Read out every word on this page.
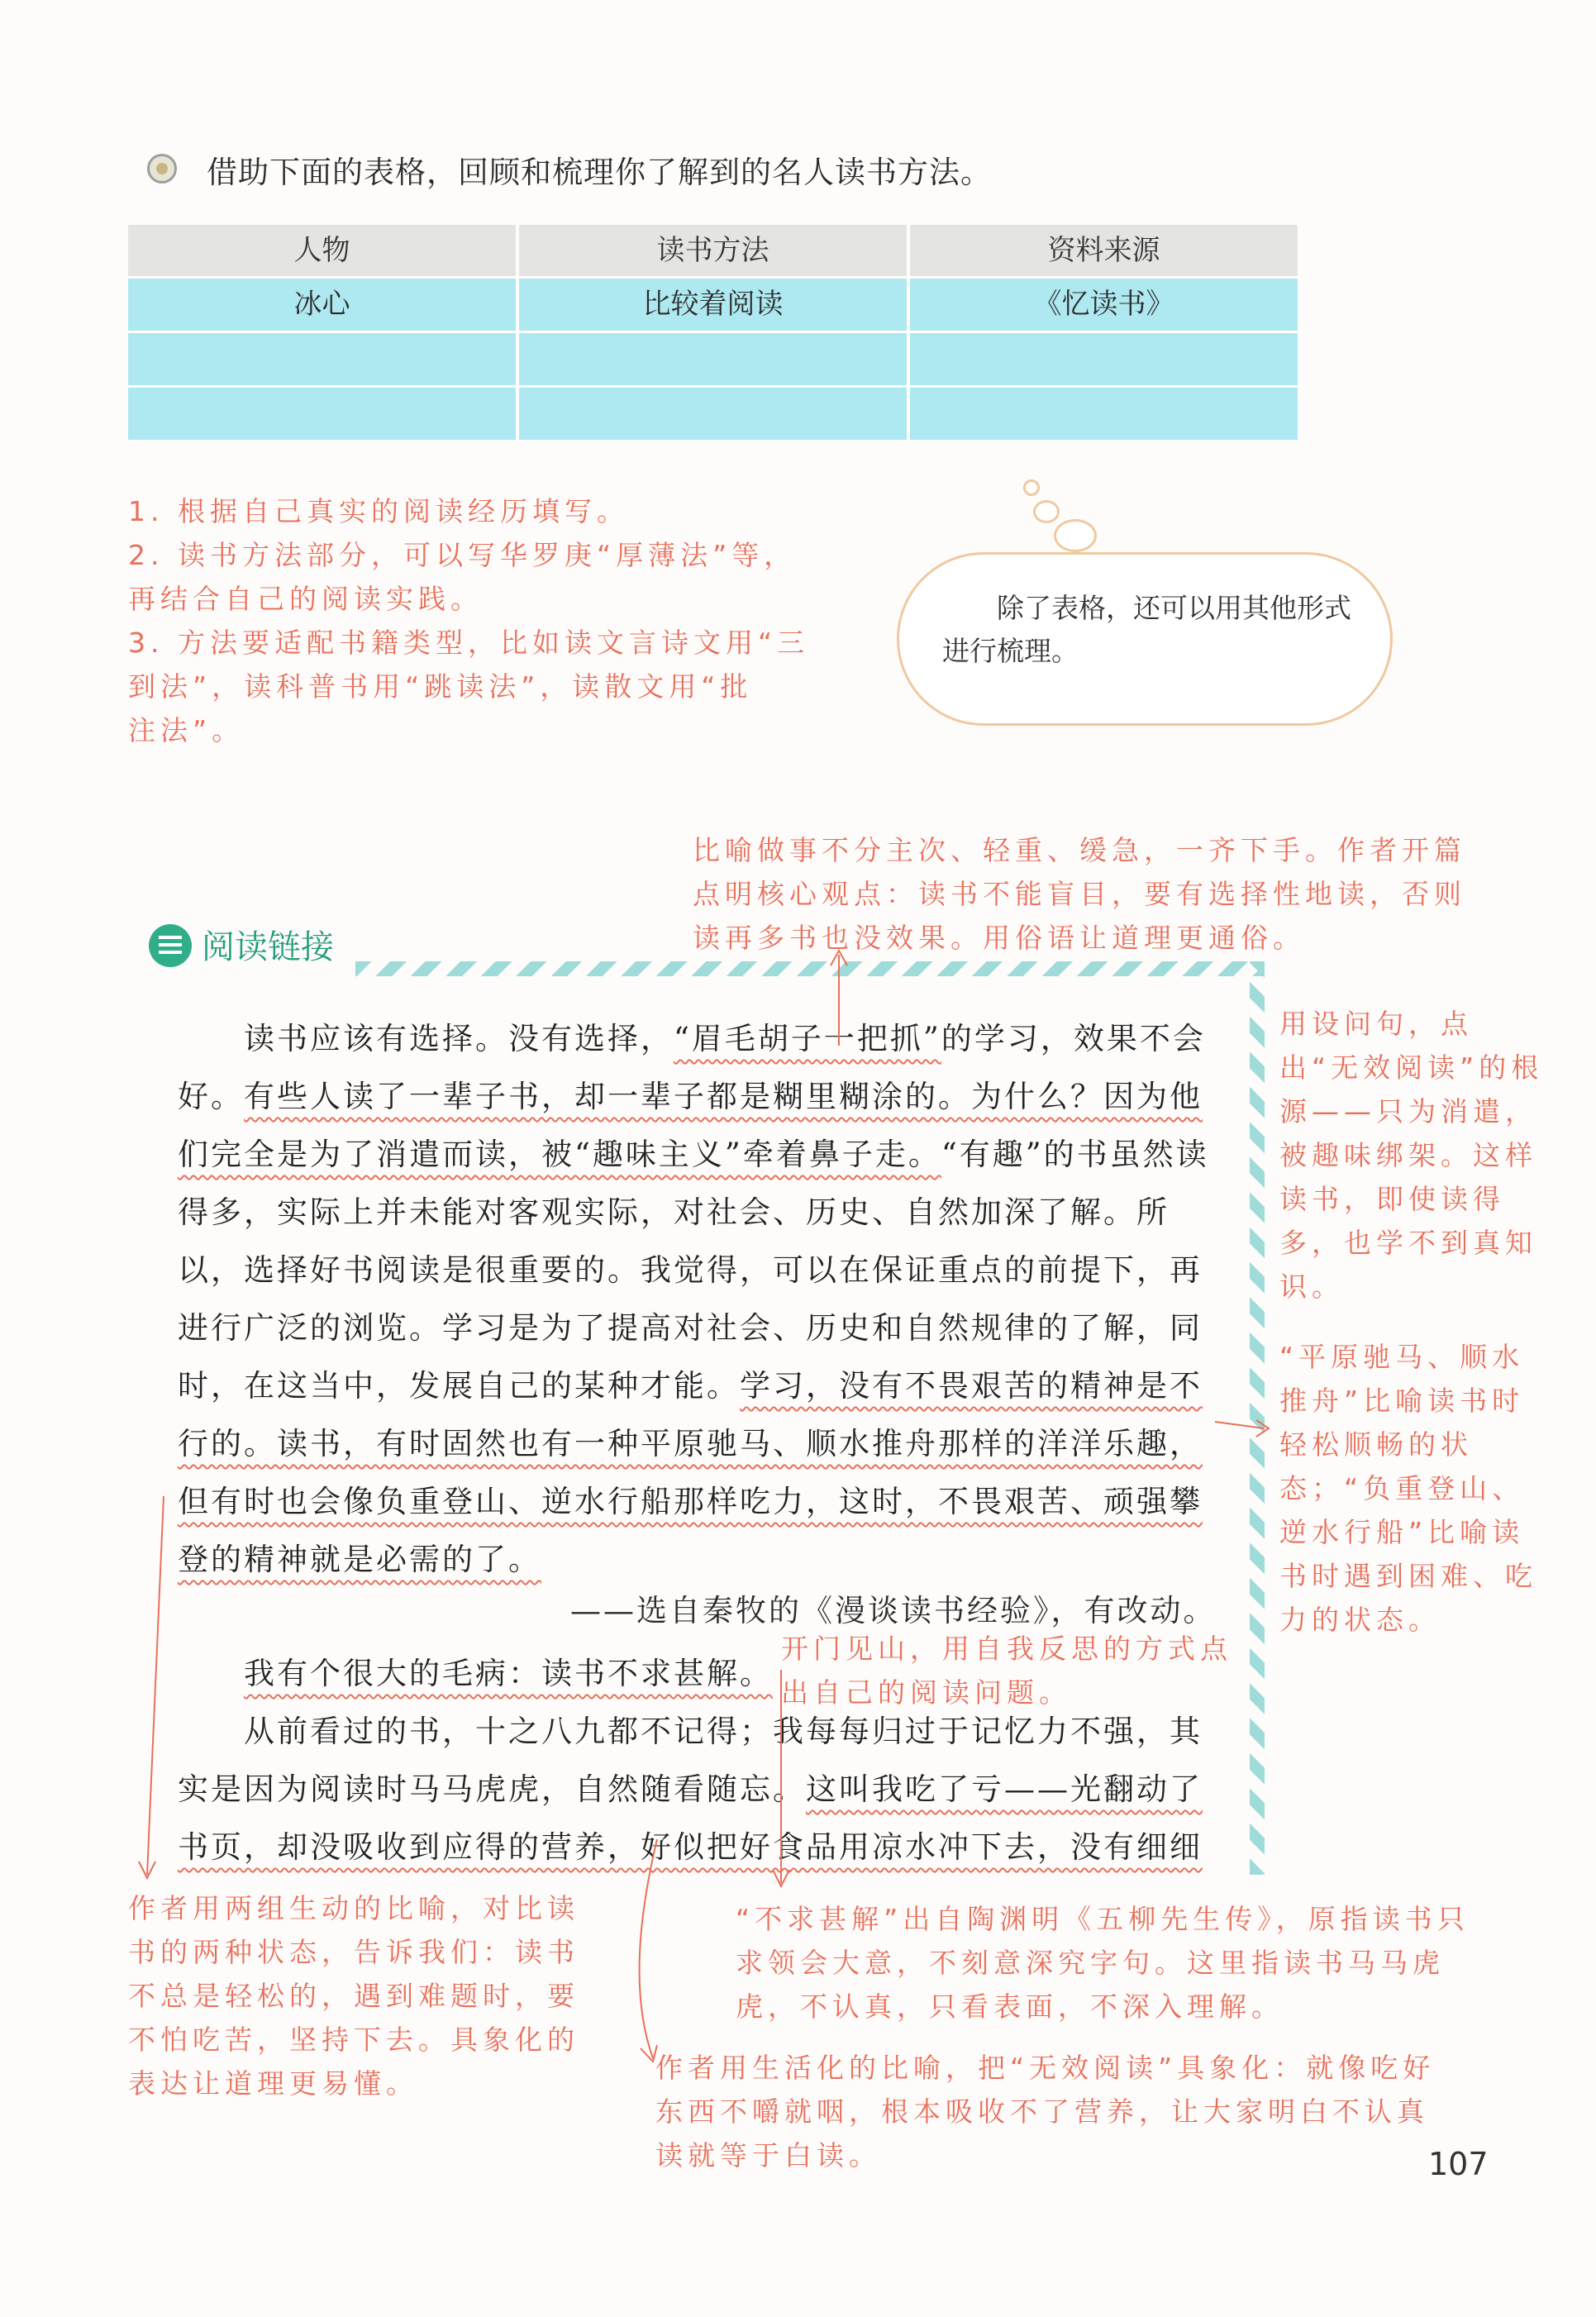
借助下面的表格，回顾和梳理你了解到的名人读书方法。
人物	读书方法	资料来源
冰心	比较着阅读	《忆读书》
1. 根据自己真实的阅读经历填写。
2. 读书方法部分，可以写华罗庚“厚薄法”等，
再结合自己的阅读实践。
3. 方法要适配书籍类型，比如读文言诗文用“三
到法”，读科普书用“跳读法”，读散文用“批
注法”。
除了表格，还可以用其他形式进行梳理。
阅读链接
读书应该有选择。没有选择，“眉毛胡子一把抓”的学习，效果不会好。有些人读了一辈子书，却一辈子都是糊里糊涂的。为什么？因为他们完全是为了消遣而读，被“趣味主义”牵着鼻子走。“有趣”的书虽然读得多，实际上并未能对客观实际，对社会、历史、自然加深了解。所以，选择好书阅读是很重要的。我觉得，可以在保证重点的前提下，再进行广泛的浏览。学习是为了提高对社会、历史和自然规律的了解，同时，在这当中，发展自己的某种才能。学习，没有不畏艰苦的精神是不行的。读书，有时固然也有一种平原驰马、顺水推舟那样的洋洋乐趣，但有时也会像负重登山、逆水行船那样吃力，这时，不畏艰苦、顽强攀登的精神就是必需的了。
——选自秦牧的《漫谈读书经验》，有改动。
我有个很大的毛病：读书不求甚解。
从前看过的书，十之八九都不记得；我每每归过于记忆力不强，其实是因为阅读时马马虎虎，自然随看随忘。这叫我吃了亏——光翻动了书页，却没吸收到应得的营养，好似把好食品用凉水冲下去，没有细细
比喻做事不分主次、轻重、缓急，一齐下手。作者开篇点明核心观点：读书不能盲目，要有选择性地读，否则读再多书也没效果。用俗语让道理更通俗。
用设问句，点出“无效阅读”的根源——只为消遣，被趣味绑架。这样读书，即使读得多，也学不到真知识。
“平原驰马、顺水推舟”比喻读书时轻松顺畅的状态；“负重登山、逆水行船”比喻读书时遇到困难、吃力的状态。
开门见山，用自我反思的方式点出自己的阅读问题。
作者用两组生动的比喻，对比读书的两种状态，告诉我们：读书不总是轻松的，遇到难题时，要不怕吃苦，坚持下去。具象化的表达让道理更易懂。
“不求甚解”出自陶渊明《五柳先生传》，原指读书只求领会大意，不刻意深究字句。这里指读书马马虎虎，不认真，只看表面，不深入理解。
作者用生活化的比喻，把“无效阅读”具象化：就像吃好东西不嚼就咽，根本吸收不了营养，让大家明白不认真读就等于白读。	107
